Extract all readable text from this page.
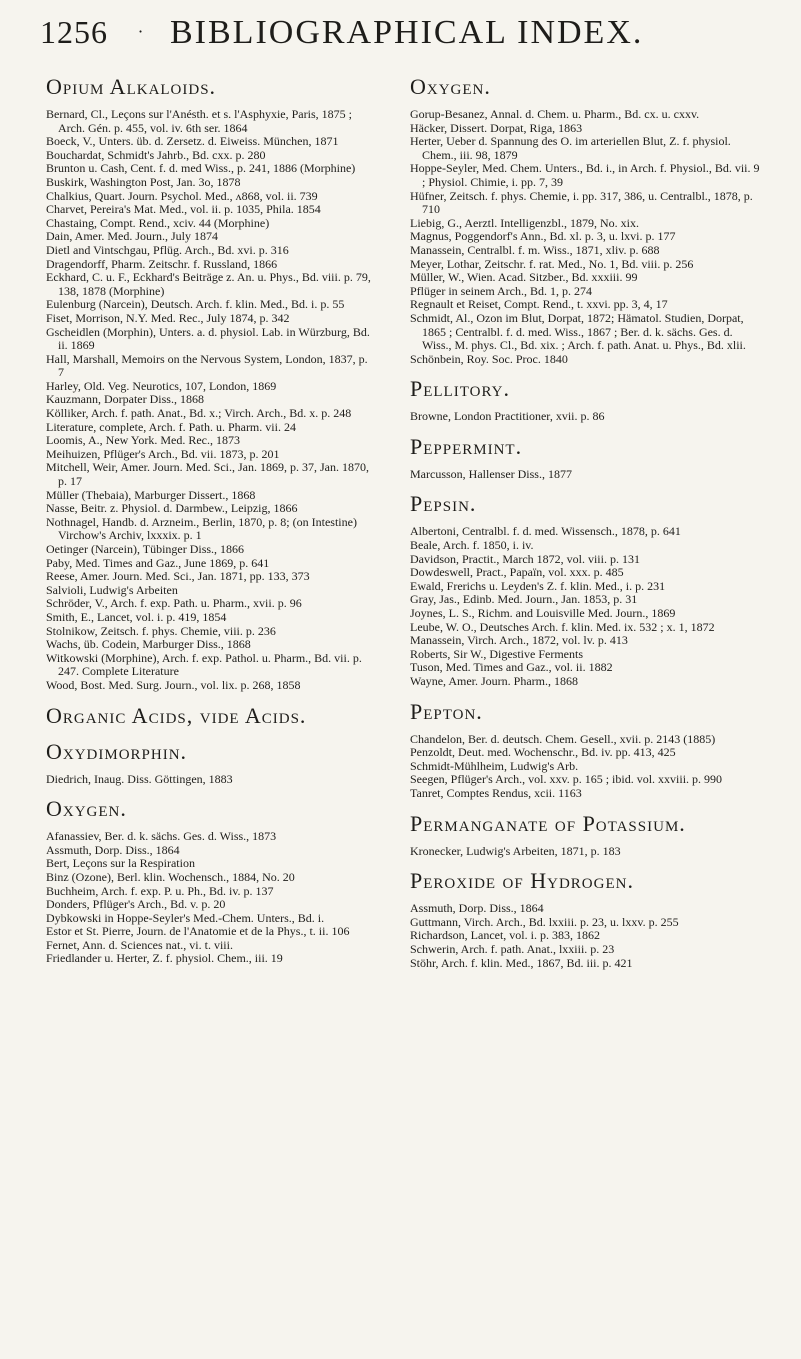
1256 · BIBLIOGRAPHICAL INDEX.
Opium Alkaloids.
Bernard, Cl., Leçons sur l'Anésth. et s. l'Asphyxie, Paris, 1875 ; Arch. Gén. p. 455, vol. iv. 6th ser. 1864
Boeck, V., Unters. üb. d. Zersetz. d. Eiweiss. München, 1871
Bouchardat, Schmidt's Jahrb., Bd. cxx. p. 280
Brunton u. Cash, Cent. f. d. med Wiss., p. 241, 1886 (Morphine)
Buskirk, Washington Post, Jan. 3o, 1878
Chalkius, Quart. Journ. Psychol. Med., ᴧ868, vol. ii. 739
Charvet, Pereira's Mat. Med., vol. ii. p. 1035, Phila. 1854
Chastaing, Compt. Rend., xciv. 44 (Morphine)
Dain, Amer. Med. Journ., July 1874
Dietl and Vintschgau, Pflüg. Arch., Bd. xvi. p. 316
Dragendorff, Pharm. Zeitschr. f. Russland, 1866
Eckhard, C. u. F., Eckhard's Beiträge z. An. u. Phys., Bd. viii. p. 79, 138, 1878 (Morphine)
Eulenburg (Narcein), Deutsch. Arch. f. klin. Med., Bd. i. p. 55
Fiset, Morrison, N.Y. Med. Rec., July 1874, p. 342
Gscheidlen (Morphin), Unters. a. d. physiol. Lab. in Würzburg, Bd. ii. 1869
Hall, Marshall, Memoirs on the Nervous System, London, 1837, p. 7
Harley, Old. Veg. Neurotics, 107, London, 1869
Kauzmann, Dorpater Diss., 1868
Kölliker, Arch. f. path. Anat., Bd. x.; Virch. Arch., Bd. x. p. 248
Literature, complete, Arch. f. Path. u. Pharm. vii. 24
Loomis, A., New York. Med. Rec., 1873
Meihuizen, Pflüger's Arch., Bd. vii. 1873, p. 201
Mitchell, Weir, Amer. Journ. Med. Sci., Jan. 1869, p. 37, Jan. 1870, p. 17
Müller (Thebaia), Marburger Dissert., 1868
Nasse, Beitr. z. Physiol. d. Darmbew., Leipzig, 1866
Nothnagel, Handb. d. Arzneim., Berlin, 1870, p. 8; (on Intestine) Virchow's Archiv, lxxxix. p. 1
Oetinger (Narcein), Tübinger Diss., 1866
Paby, Med. Times and Gaz., June 1869, p. 641
Reese, Amer. Journ. Med. Sci., Jan. 1871, pp. 133, 373
Salvioli, Ludwig's Arbeiten
Schröder, V., Arch. f. exp. Path. u. Pharm., xvii. p. 96
Smith, E., Lancet, vol. i. p. 419, 1854
Stolnikow, Zeitsch. f. phys. Chemie, viii. p. 236
Wachs, üb. Codein, Marburger Diss., 1868
Witkowski (Morphine), Arch. f. exp. Pathol. u. Pharm., Bd. vii. p. 247. Complete Literature
Wood, Bost. Med. Surg. Journ., vol. lix. p. 268, 1858
Organic Acids, vide Acids.
Oxydimorphin.
Diedrich, Inaug. Diss. Göttingen, 1883
Oxygen.
Afanassiev, Ber. d. k. sächs. Ges. d. Wiss., 1873
Assmuth, Dorp. Diss., 1864
Bert, Leçons sur la Respiration
Binz (Ozone), Berl. klin. Wochensch., 1884, No. 20
Buchheim, Arch. f. exp. P. u. Ph., Bd. iv. p. 137
Donders, Pflüger's Arch., Bd. v. p. 20
Dybkowski in Hoppe-Seyler's Med.-Chem. Unters., Bd. i.
Estor et St. Pierre, Journ. de l'Anatomie et de la Phys., t. ii. 106
Fernet, Ann. d. Sciences nat., vi. t. viii.
Friedlander u. Herter, Z. f. physiol. Chem., iii. 19
Oxygen.
Gorup-Besanez, Annal. d. Chem. u. Pharm., Bd. cx. u. cxxv.
Häcker, Dissert. Dorpat, Riga, 1863
Herter, Ueber d. Spannung des O. im arteriellen Blut, Z. f. physiol. Chem., iii. 98, 1879
Hoppe-Seyler, Med. Chem. Unters., Bd. i., in Arch. f. Physiol., Bd. vii. 9 ; Physiol. Chimie, i. pp. 7, 39
Hüfner, Zeitsch. f. phys. Chemie, i. pp. 317, 386, u. Centralbl., 1878, p. 710
Liebig, G., Aerztl. Intelligenzbl., 1879, No. xix.
Magnus, Poggendorf's Ann., Bd. xl. p. 3, u. lxvi. p. 177
Manassein, Centralbl. f. m. Wiss., 1871, xliv. p. 688
Meyer, Lothar, Zeitschr. f. rat. Med., No. 1, Bd. viii. p. 256
Müller, W., Wien. Acad. Sitzber., Bd. xxxiii. 99
Pflüger in seinem Arch., Bd. 1, p. 274
Regnault et Reiset, Compt. Rend., t. xxvi. pp. 3, 4, 17
Schmidt, Al., Ozon im Blut, Dorpat, 1872; Hämatol. Studien, Dorpat, 1865 ; Centralbl. f. d. med. Wiss., 1867 ; Ber. d. k. sächs. Ges. d. Wiss., M. phys. Cl., Bd. xix. ; Arch. f. path. Anat. u. Phys., Bd. xlii.
Schönbein, Roy. Soc. Proc. 1840
Pellitory.
Browne, London Practitioner, xvii. p. 86
Peppermint.
Marcusson, Hallenser Diss., 1877
Pepsin.
Albertoni, Centralbl. f. d. med. Wissensch., 1878, p. 641
Beale, Arch. f. 1850, i. iv.
Davidson, Practit., March 1872, vol. viii. p. 131
Dowdeswell, Pract., Papaïn, vol. xxx. p. 485
Ewald, Frerichs u. Leyden's Z. f. klin. Med., i. p. 231
Gray, Jas., Edinb. Med. Journ., Jan. 1853, p. 31
Joynes, L. S., Richm. and Louisville Med. Journ., 1869
Leube, W. O., Deutsches Arch. f. klin. Med. ix. 532 ; x. 1, 1872
Manassein, Virch. Arch., 1872, vol. lv. p. 413
Roberts, Sir W., Digestive Ferments
Tuson, Med. Times and Gaz., vol. ii. 1882
Wayne, Amer. Journ. Pharm., 1868
Pepton.
Chandelon, Ber. d. deutsch. Chem. Gesell., xvii. p. 2143 (1885)
Penzoldt, Deut. med. Wochenschr., Bd. iv. pp. 413, 425
Schmidt-Mühlheim, Ludwig's Arb.
Seegen, Pflüger's Arch., vol. xxv. p. 165 ; ibid. vol. xxviii. p. 990
Tanret, Comptes Rendus, xcii. 1163
Permanganate of Potassium.
Kronecker, Ludwig's Arbeiten, 1871, p. 183
Peroxide of Hydrogen.
Assmuth, Dorp. Diss., 1864
Guttmann, Virch. Arch., Bd. lxxiii. p. 23, u. lxxv. p. 255
Richardson, Lancet, vol. i. p. 383, 1862
Schwerin, Arch. f. path. Anat., lxxiii. p. 23
Stöhr, Arch. f. klin. Med., 1867, Bd. iii. p. 421
